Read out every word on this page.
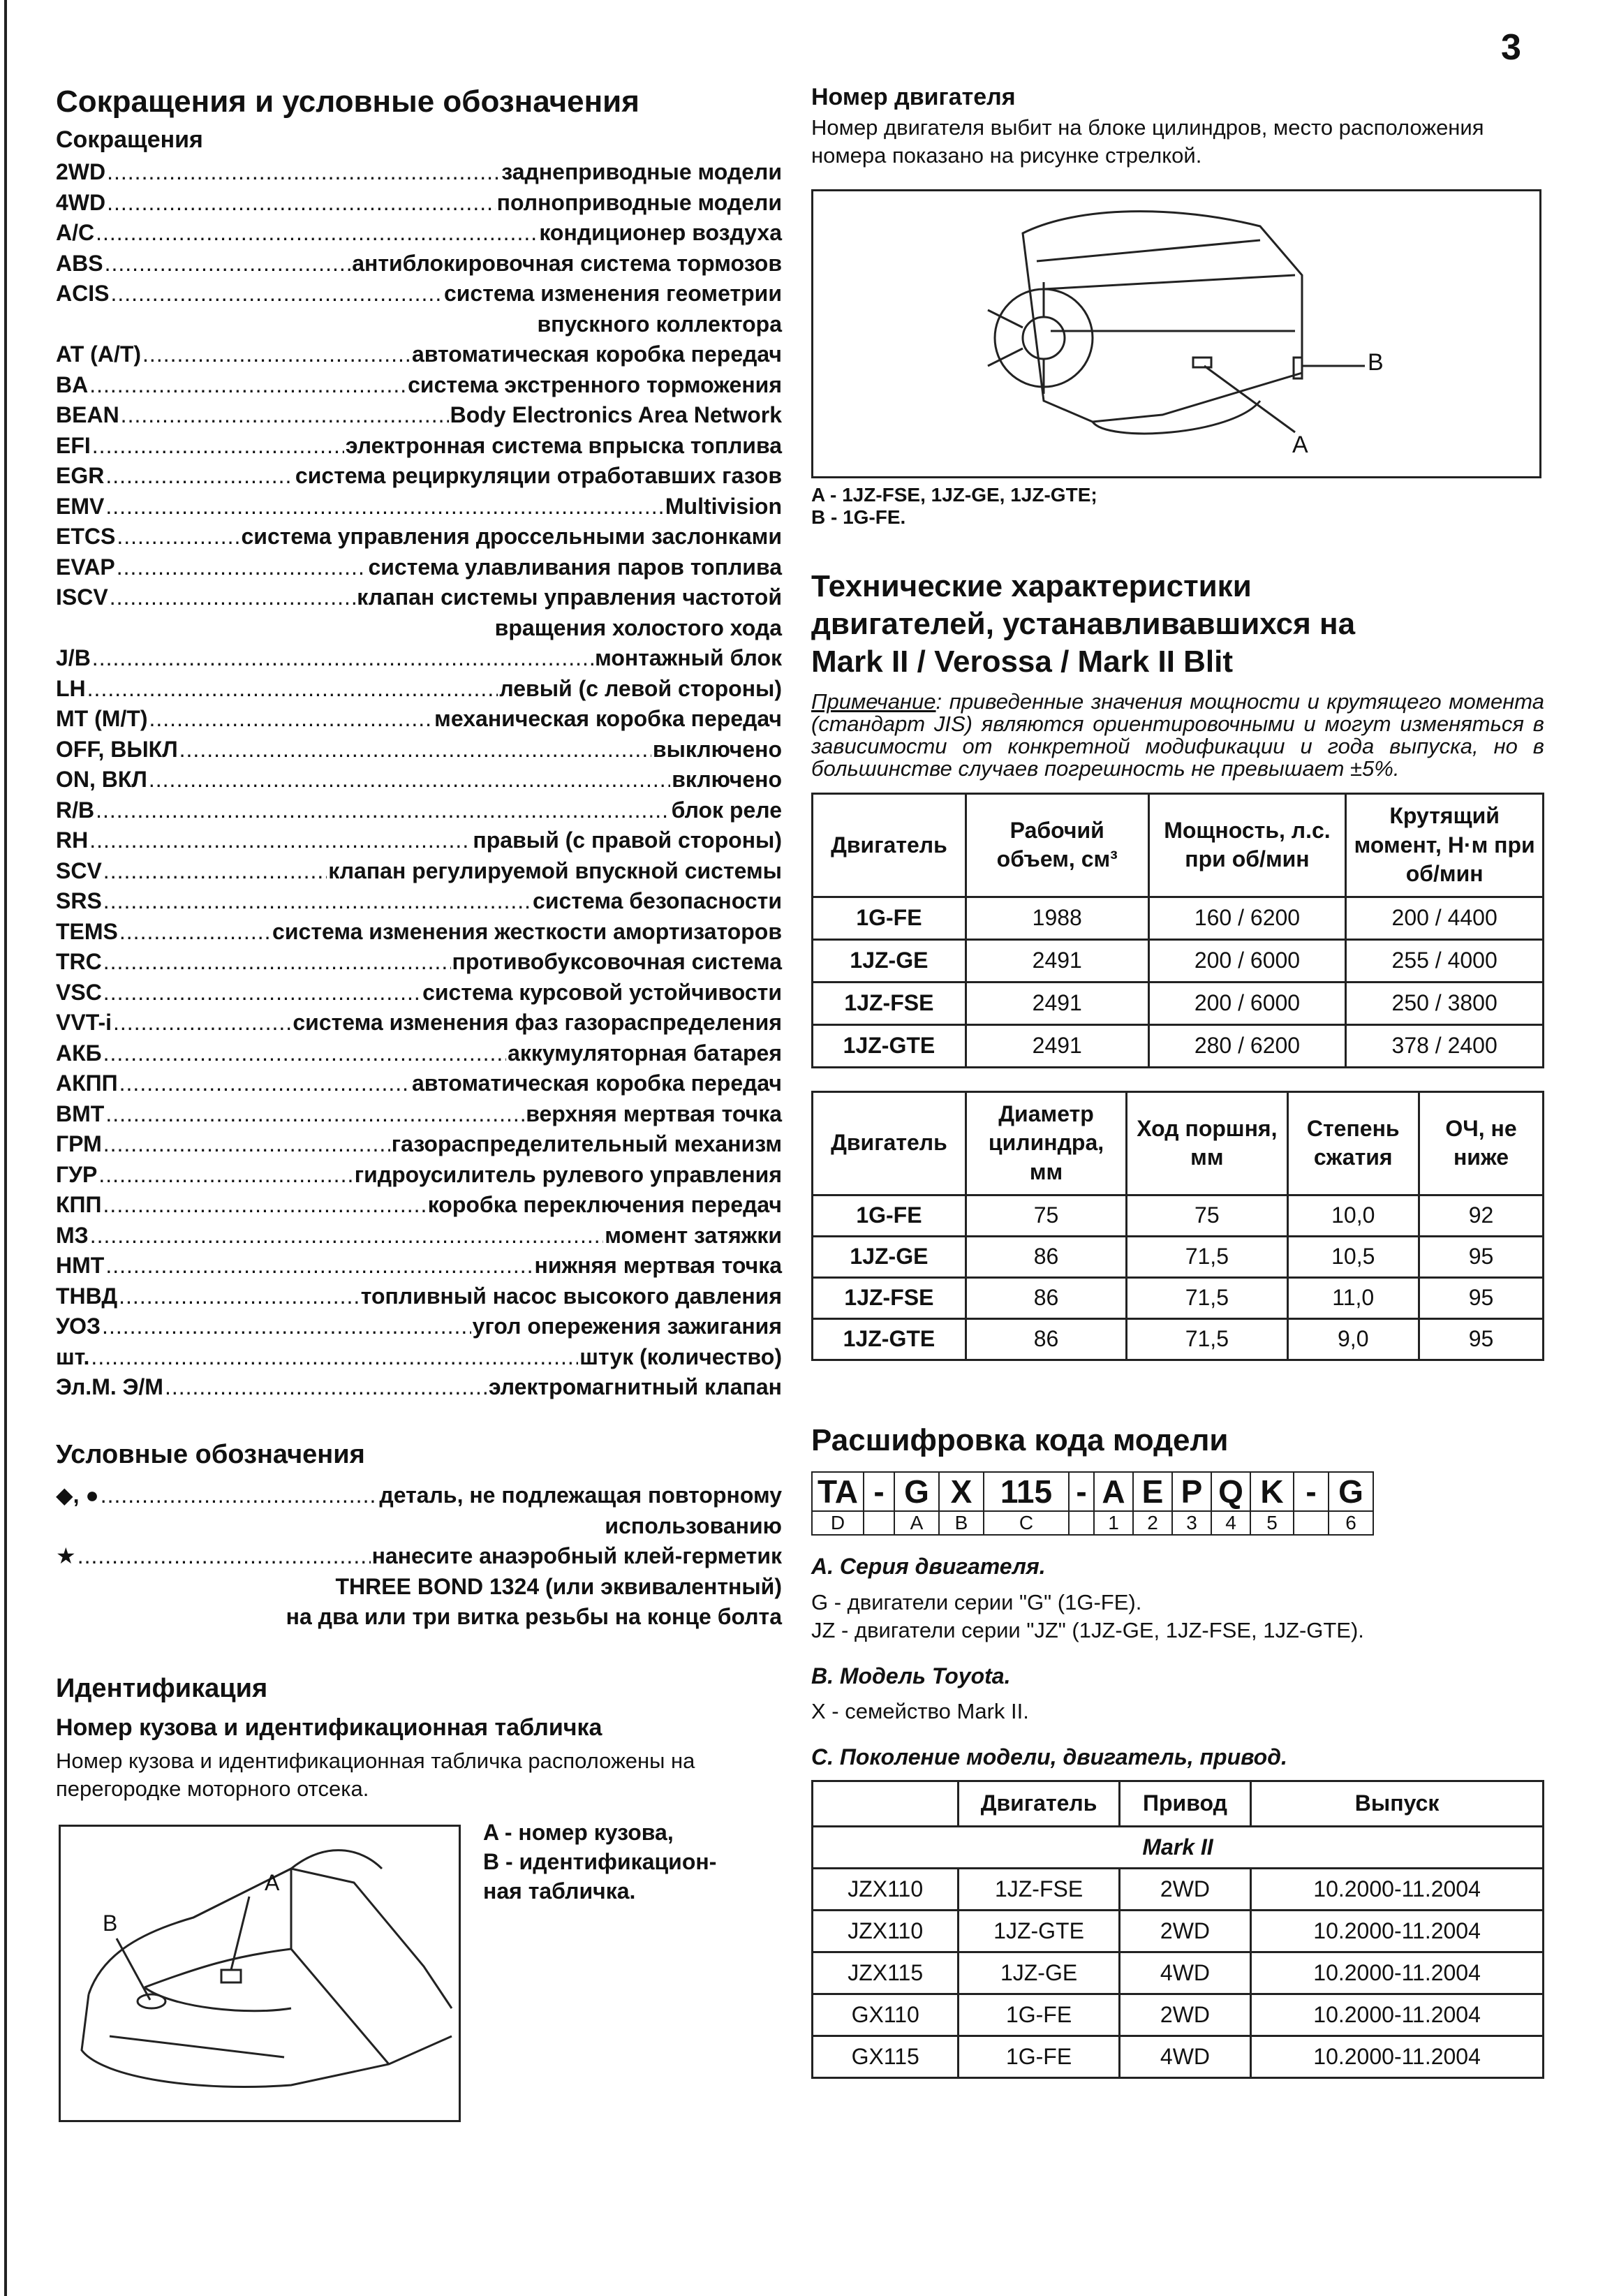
3
Сокращения и условные обозначения
Сокращения
2WD .....	заднеприводные модели
4WD .....	полноприводные модели
A/C .....	кондиционер воздуха
ABS .....	антиблокировочная система тормозов
ACIS .....	система изменения геометрии
впускного коллектора
AT (A/T) .....	автоматическая коробка передач
BA .....	система экстренного торможения
BEAN .....	Body Electronics Area Network
EFI .....	электронная система впрыска топлива
EGR .....	система рециркуляции отработавших газов
EMV .....	Multivision
ETCS .....	система управления дроссельными заслонками
EVAP .....	система улавливания паров топлива
ISCV .....	клапан системы управления частотой
вращения холостого хода
J/B .....	монтажный блок
LH .....	левый (с левой стороны)
MT (M/T) .....	механическая коробка передач
OFF, ВЫКЛ .....	выключено
ON, ВКЛ .....	включено
R/B .....	блок реле
RH .....	правый (с правой стороны)
SCV .....	клапан регулируемой впускной системы
SRS .....	система безопасности
TEMS .....	система изменения жесткости амортизаторов
TRC .....	противобуксовочная система
VSC .....	система курсовой устойчивости
VVT-i .....	система изменения фаз газораспределения
АКБ .....	аккумуляторная батарея
АКПП .....	автоматическая коробка передач
ВМТ .....	верхняя мертвая точка
ГРМ .....	газораспределительный механизм
ГУР .....	гидроусилитель рулевого управления
КПП .....	коробка переключения передач
МЗ .....	момент затяжки
НМТ .....	нижняя мертвая точка
ТНВД .....	топливный насос высокого давления
УОЗ .....	угол опережения зажигания
шт. .....	штук (количество)
Эл.М. Э/М .....	электромагнитный клапан
Условные обозначения
◆, ● .....	деталь, не подлежащая повторному
использованию
★ .....	нанесите анаэробный клей-герметик
THREE BOND 1324 (или эквивалентный)
на два или три витка резьбы на конце болта
Идентификация
Номер кузова и идентификационная табличка

Номер кузова и идентификационная табличка расположены на перегородке моторного отсека.

A
B
A - номер кузова,
B - идентификацион-
ная табличка.
Номер двигателя

Номер двигателя выбит на блоке цилиндров, место расположения номера показано на рисунке стрелкой.

B
A
A - 1JZ-FSE, 1JZ-GE, 1JZ-GTE;
B - 1G-FE.
Технические характеристики
двигателей, устанавливавшихся на
Mark II / Verossa / Mark II Blit

Примечание: приведенные значения мощности и крутящего момента (стандарт JIS) являются ориентировочными и могут изменяться в зависимости от конкретной модификации и года выпуска, но в большинстве случаев погрешность не превышает ±5%.

Двигатель	Рабочий объем, см³	Мощность, л.с. при об/мин	Крутящий момент, Н·м при об/мин
1G-FE	1988	160 / 6200	200 / 4400
1JZ-GE	2491	200 / 6000	255 / 4000
1JZ-FSE	2491	200 / 6000	250 / 3800
1JZ-GTE	2491	280 / 6200	378 / 2400
Двигатель	Диаметр цилиндра, мм	Ход поршня, мм	Степень сжатия	ОЧ, не ниже
1G-FE	75	75	10,0	92
1JZ-GE	86	71,5	10,5	95
1JZ-FSE	86	71,5	11,0	95
1JZ-GTE	86	71,5	9,0	95
Расшифровка кода модели
TA	-	G	X	115	-	A	E	P	Q	K	-	G
D		A	B	C		1	2	3	4	5		6
A. Серия двигателя.

G - двигатели серии "G" (1G-FE).

JZ - двигатели серии "JZ" (1JZ-GE, 1JZ-FSE, 1JZ-GTE).

B. Модель Toyota.

X - семейство Mark II.

C. Поколение модели, двигатель, привод.
	Двигатель	Привод	Выпуск
Mark II			
JZX110	1JZ-FSE	2WD	10.2000-11.2004
JZX110	1JZ-GTE	2WD	10.2000-11.2004
JZX115	1JZ-GE	4WD	10.2000-11.2004
GX110	1G-FE	2WD	10.2000-11.2004
GX115	1G-FE	4WD	10.2000-11.2004
